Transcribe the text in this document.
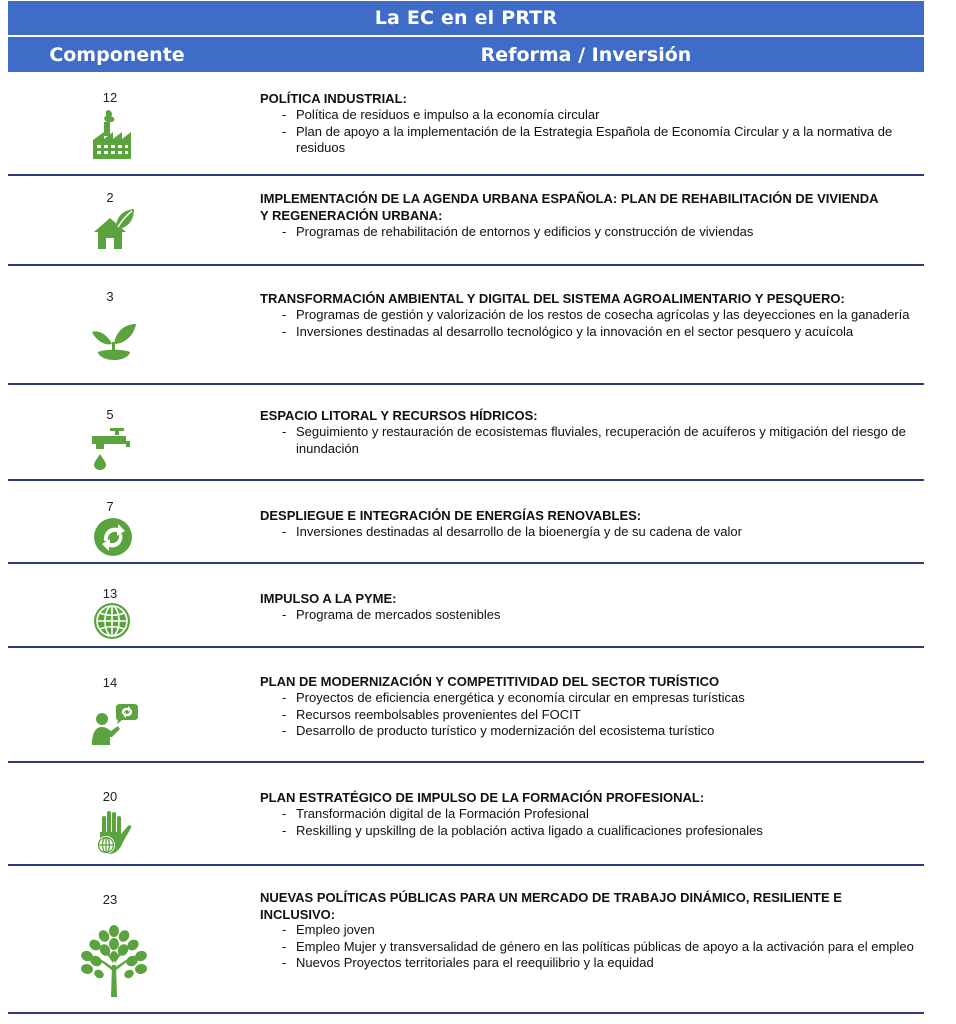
La EC en el PRTR
Componente	Reforma / Inversión
12	POLÍTICA INDUSTRIAL:
- Política de residuos e impulso a la economía circular
- Plan de apoyo a la implementación de la Estrategia Española de Economía Circular y a la normativa de residuos
2	IMPLEMENTACIÓN DE LA AGENDA URBANA ESPAÑOLA: PLAN DE REHABILITACIÓN DE VIVIENDA Y REGENERACIÓN URBANA:
- Programas de rehabilitación de entornos y edificios y construcción de viviendas
3	TRANSFORMACIÓN AMBIENTAL Y DIGITAL DEL SISTEMA AGROALIMENTARIO Y PESQUERO:
- Programas de gestión y valorización de los restos de cosecha agrícolas y las deyecciones en la ganadería
- Inversiones destinadas al desarrollo tecnológico y la innovación en el sector pesquero y acuícola
5	ESPACIO LITORAL Y RECURSOS HÍDRICOS:
- Seguimiento y restauración de ecosistemas fluviales, recuperación de acuíferos y mitigación del riesgo de inundación
7
DESPLIEGUE E INTEGRACIÓN DE ENERGÍAS RENOVABLES:
- Inversiones destinadas al desarrollo de la bioenergía y de su cadena de valor
13	IMPULSO A LA PYME:
- Programa de mercados sostenibles
14	PLAN DE MODERNIZACIÓN Y COMPETITIVIDAD DEL SECTOR TURÍSTICO
- Proyectos de eficiencia energética y economía circular en empresas turísticas
- Recursos reembolsables provenientes del FOCIT
- Desarrollo de producto turístico y modernización del ecosistema turístico
20	PLAN ESTRATÉGICO DE IMPULSO DE LA FORMACIÓN PROFESIONAL:
- Transformación digital de la Formación Profesional
- Reskilling y upskillng de la población activa ligado a cualificaciones profesionales
23	NUEVAS POLÍTICAS PÚBLICAS PARA UN MERCADO DE TRABAJO DINÁMICO, RESILIENTE E INCLUSIVO:
- Empleo joven
- Empleo Mujer y transversalidad de género en las políticas públicas de apoyo a la activación para el empleo
- Nuevos Proyectos territoriales para el reequilibrio y la equidad
